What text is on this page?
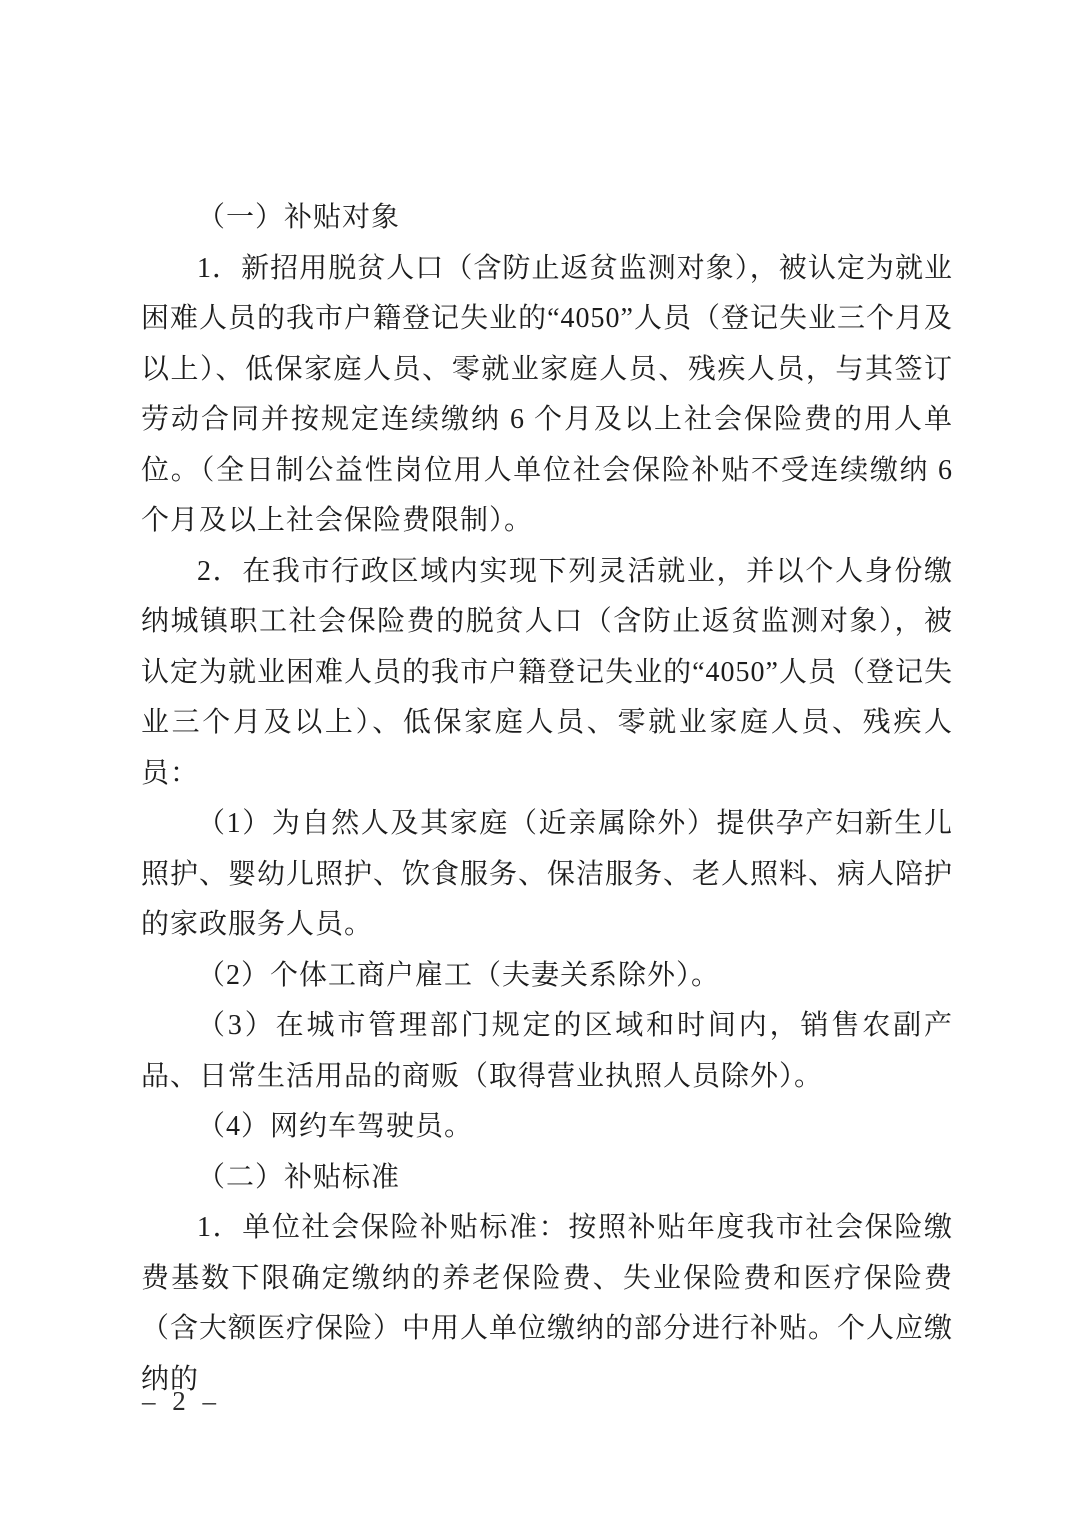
（一）补贴对象

1．新招用脱贫人口（含防止返贫监测对象），被认定为就业困难人员的我市户籍登记失业的“4050”人员（登记失业三个月及以上）、低保家庭人员、零就业家庭人员、残疾人员，与其签订劳动合同并按规定连续缴纳 6 个月及以上社会保险费的用人单位。（全日制公益性岗位用人单位社会保险补贴不受连续缴纳 6 个月及以上社会保险费限制）。

2．在我市行政区域内实现下列灵活就业，并以个人身份缴纳城镇职工社会保险费的脱贫人口（含防止返贫监测对象），被认定为就业困难人员的我市户籍登记失业的“4050”人员（登记失业三个月及以上）、低保家庭人员、零就业家庭人员、残疾人员：

（1）为自然人及其家庭（近亲属除外）提供孕产妇新生儿照护、婴幼儿照护、饮食服务、保洁服务、老人照料、病人陪护的家政服务人员。

（2）个体工商户雇工（夫妻关系除外）。

（3）在城市管理部门规定的区域和时间内，销售农副产品、日常生活用品的商贩（取得营业执照人员除外）。

（4）网约车驾驶员。

（二）补贴标准

1．单位社会保险补贴标准：按照补贴年度我市社会保险缴费基数下限确定缴纳的养老保险费、失业保险费和医疗保险费（含大额医疗保险）中用人单位缴纳的部分进行补贴。个人应缴纳的

– 2 –
